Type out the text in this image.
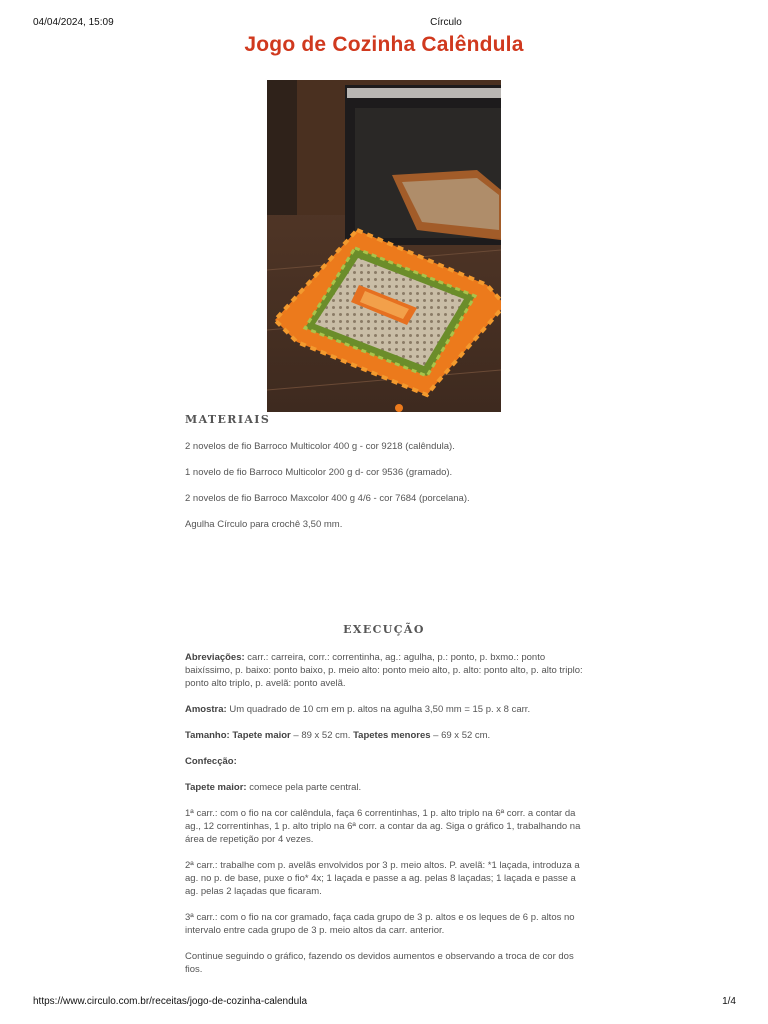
04/04/2024, 15:09	Círculo
Jogo de Cozinha Calêndula
MATERIAIS
2 novelos de fio Barroco Multicolor 400 g - cor 9218 (calêndula).
1 novelo de fio Barroco Multicolor 200 g d- cor 9536 (gramado).
2 novelos de fio Barroco Maxcolor 400 g 4/6 - cor 7684 (porcelana).
Agulha Círculo para crochê 3,50 mm.
EXECUÇÃO
Abreviações: carr.: carreira, corr.: correntinha, ag.: agulha, p.: ponto, p. bxmo.: ponto baixíssimo, p. baixo: ponto baixo, p. meio alto: ponto meio alto, p. alto: ponto alto, p. alto triplo: ponto alto triplo, p. avelã: ponto avelã.
Amostra: Um quadrado de 10 cm em p. altos na agulha 3,50 mm = 15 p. x 8 carr.
Tamanho: Tapete maior – 89 x 52 cm. Tapetes menores – 69 x 52 cm.
Confecção:
Tapete maior: comece pela parte central.
1ª carr.: com o fio na cor calêndula, faça 6 correntinhas, 1 p. alto triplo na 6ª corr. a contar da ag., 12 correntinhas, 1 p. alto triplo na 6ª corr. a contar da ag. Siga o gráfico 1, trabalhando na área de repetição por 4 vezes.
2ª carr.: trabalhe com p. avelãs envolvidos por 3 p. meio altos. P. avelã: *1 laçada, introduza a ag. no p. de base, puxe o fio* 4x; 1 laçada e passe a ag. pelas 8 laçadas; 1 laçada e passe a ag. pelas 2 laçadas que ficaram.
3ª carr.: com o fio na cor gramado, faça cada grupo de 3 p. altos e os leques de 6 p. altos no intervalo entre cada grupo de 3 p. meio altos da carr. anterior.
Continue seguindo o gráfico, fazendo os devidos aumentos e observando a troca de cor dos fios.
https://www.circulo.com.br/receitas/jogo-de-cozinha-calendula	1/4
